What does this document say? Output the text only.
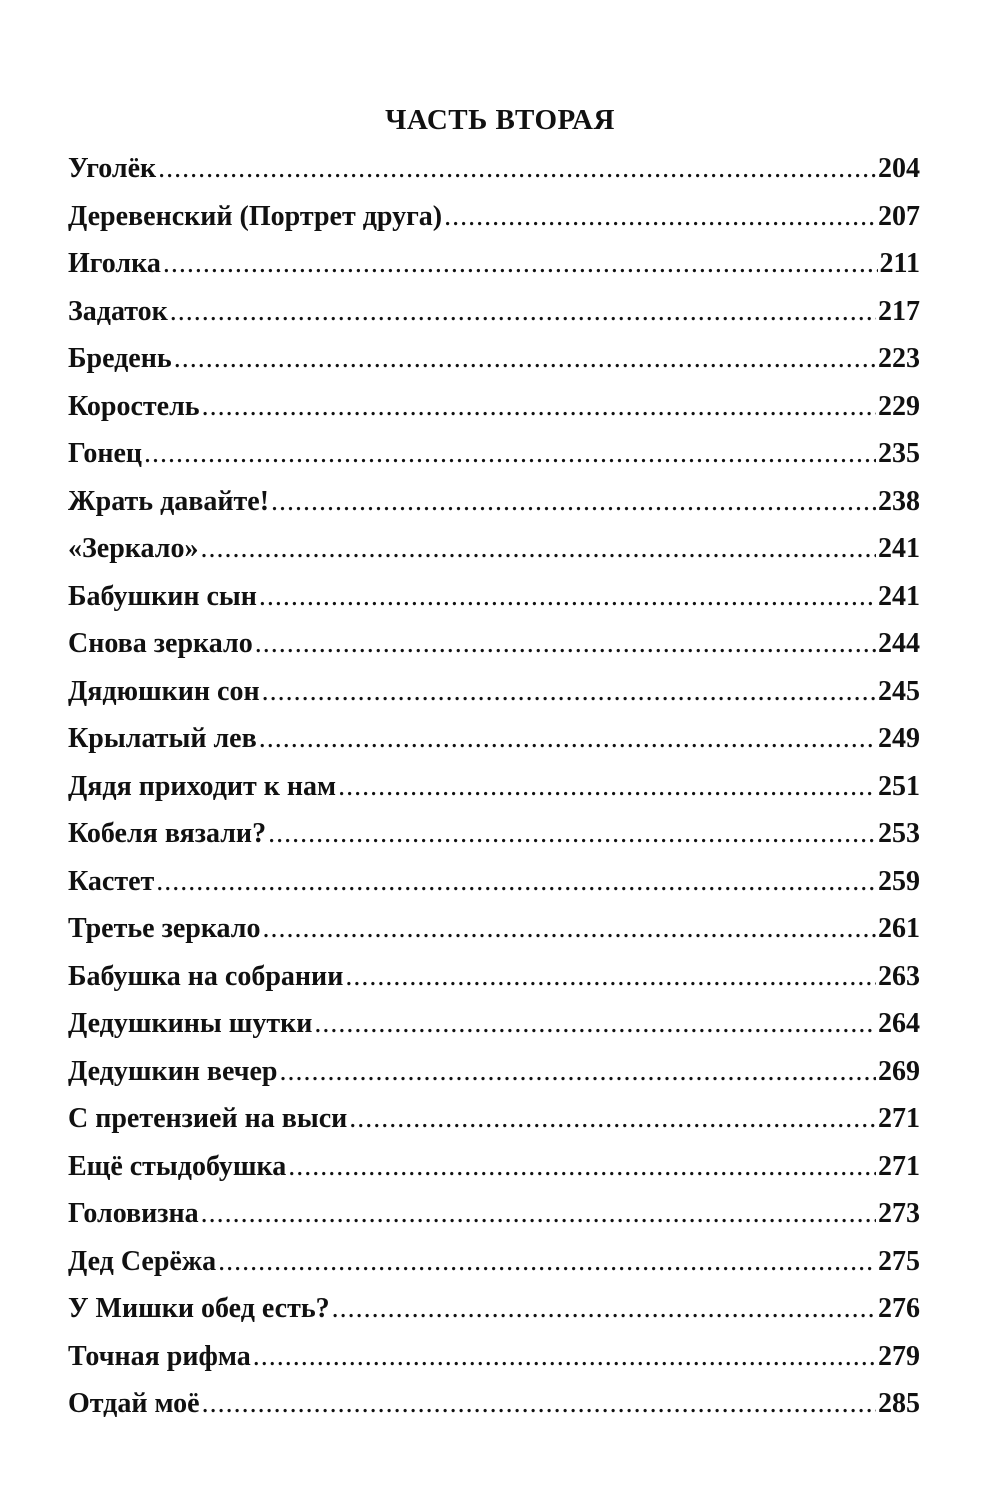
ЧАСТЬ ВТОРАЯ
Уголёк .....	204
Деревенский (Портрет друга) .....	207
Иголка .....	211
Задаток .....	217
Бредень .....	223
Коростель .....	229
Гонец .....	235
Жрать давайте! .....	238
«Зеркало» .....	241
Бабушкин сын .....	241
Снова зеркало .....	244
Дядюшкин сон .....	245
Крылатый лев .....	249
Дядя приходит к нам .....	251
Кобеля вязали? .....	253
Кастет .....	259
Третье зеркало .....	261
Бабушка на собрании .....	263
Дедушкины шутки .....	264
Дедушкин вечер .....	269
С претензией на выси .....	271
Ещё стыдобушка .....	271
Головизна .....	273
Дед Серёжа .....	275
У Мишки обед есть? .....	276
Точная рифма .....	279
Отдай моё .....	285
